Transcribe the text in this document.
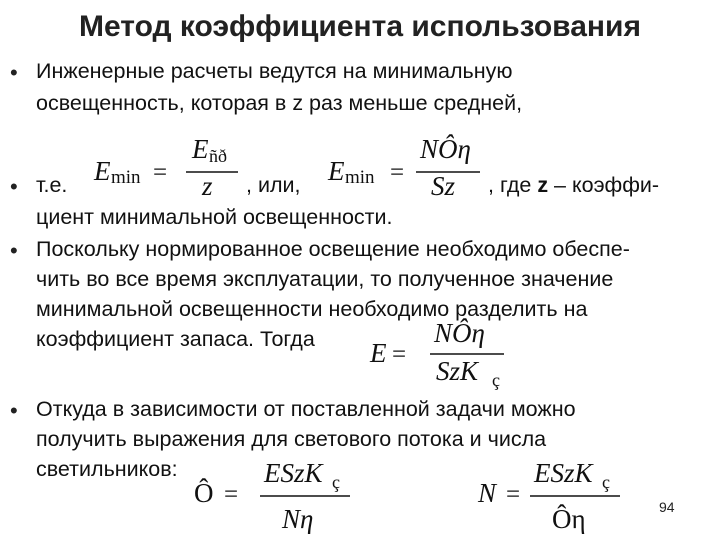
Метод коэффициента использования
• Инженерные расчеты ведутся на минимальную
освещенность, которая в z раз меньше средней,
• т.е. E min =
E ñð
z , или, E min =
NÔη
Sz , где z – коэффи-
циент минимальной освещенности.
• Поскольку нормированное освещение необходимо обеспе-
чить во все время эксплуатации, то полученное значение
минимальной освещенности необходимо разделить на
коэффициент запаса. Тогда E =
NÔη
SzK ç
• Откуда в зависимости от поставленной задачи можно
получить выражения для светового потока и числа
светильников:
Ô =
ESzK ç
Nη
N =
ESzK ç
Ôη	94
